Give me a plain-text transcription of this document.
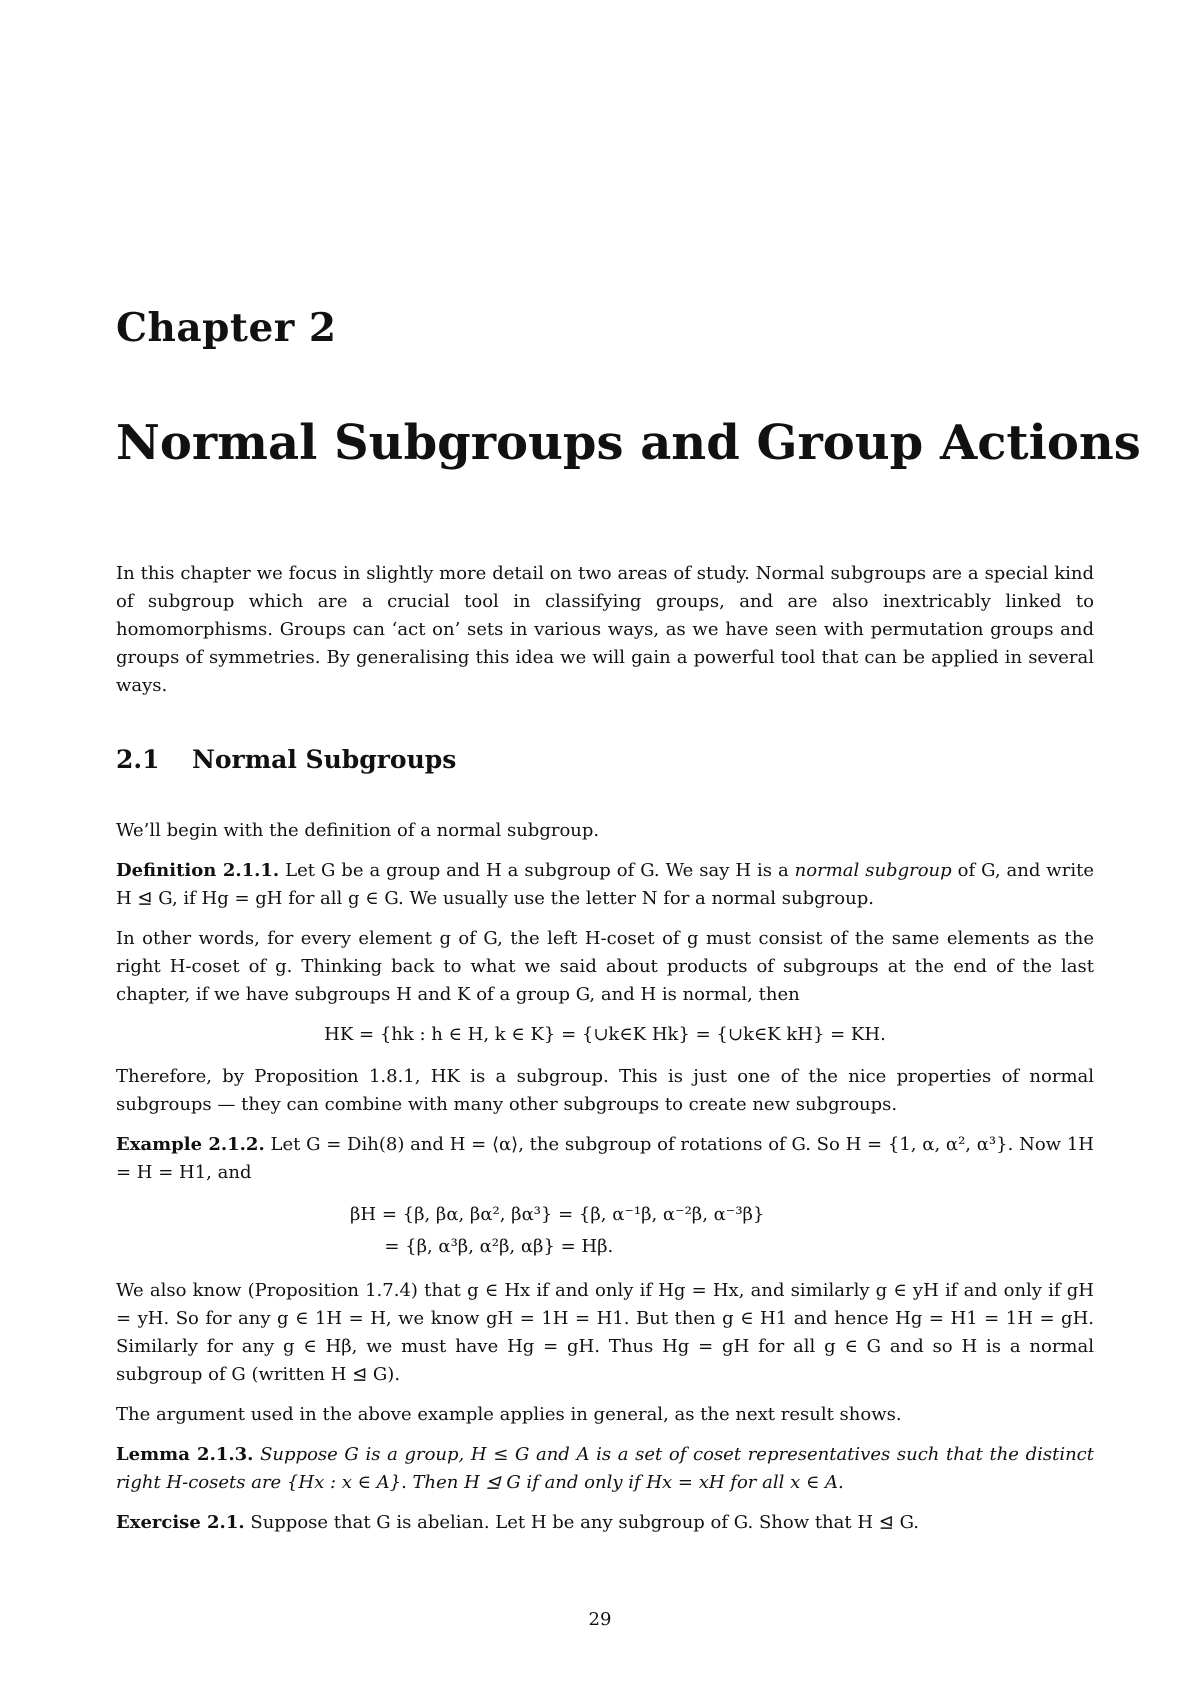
Chapter 2
Normal Subgroups and Group Actions
In this chapter we focus in slightly more detail on two areas of study. Normal subgroups are a special kind of subgroup which are a crucial tool in classifying groups, and are also inextricably linked to homomorphisms. Groups can ‘act on’ sets in various ways, as we have seen with permutation groups and groups of symmetries. By generalising this idea we will gain a powerful tool that can be applied in several ways.
2.1 Normal Subgroups

We’ll begin with the definition of a normal subgroup.

Definition 2.1.1. Let G be a group and H a subgroup of G. We say H is a normal subgroup of G, and write H ⊴ G, if Hg = gH for all g ∈ G. We usually use the letter N for a normal subgroup.

In other words, for every element g of G, the left H-coset of g must consist of the same elements as the right H-coset of g. Thinking back to what we said about products of subgroups at the end of the last chapter, if we have subgroups H and K of a group G, and H is normal, then

HK = {hk : h ∈ H, k ∈ K} = {∪k∈K Hk} = {∪k∈K kH} = KH.

Therefore, by Proposition 1.8.1, HK is a subgroup. This is just one of the nice properties of normal subgroups — they can combine with many other subgroups to create new subgroups.

Example 2.1.2. Let G = Dih(8) and H = ⟨α⟩, the subgroup of rotations of G. So H = {1, α, α², α³}. Now 1H = H = H1, and

βH = {β, βα, βα², βα³} = {β, α⁻¹β, α⁻²β, α⁻³β}
= {β, α³β, α²β, αβ} = Hβ.

We also know (Proposition 1.7.4) that g ∈ Hx if and only if Hg = Hx, and similarly g ∈ yH if and only if gH = yH. So for any g ∈ 1H = H, we know gH = 1H = H1. But then g ∈ H1 and hence Hg = H1 = 1H = gH. Similarly for any g ∈ Hβ, we must have Hg = gH. Thus Hg = gH for all g ∈ G and so H is a normal subgroup of G (written H ⊴ G).

The argument used in the above example applies in general, as the next result shows.

Lemma 2.1.3. Suppose G is a group, H ≤ G and A is a set of coset representatives such that the distinct right H-cosets are {Hx : x ∈ A}. Then H ⊴ G if and only if Hx = xH for all x ∈ A.

Exercise 2.1. Suppose that G is abelian. Let H be any subgroup of G. Show that H ⊴ G.

29
